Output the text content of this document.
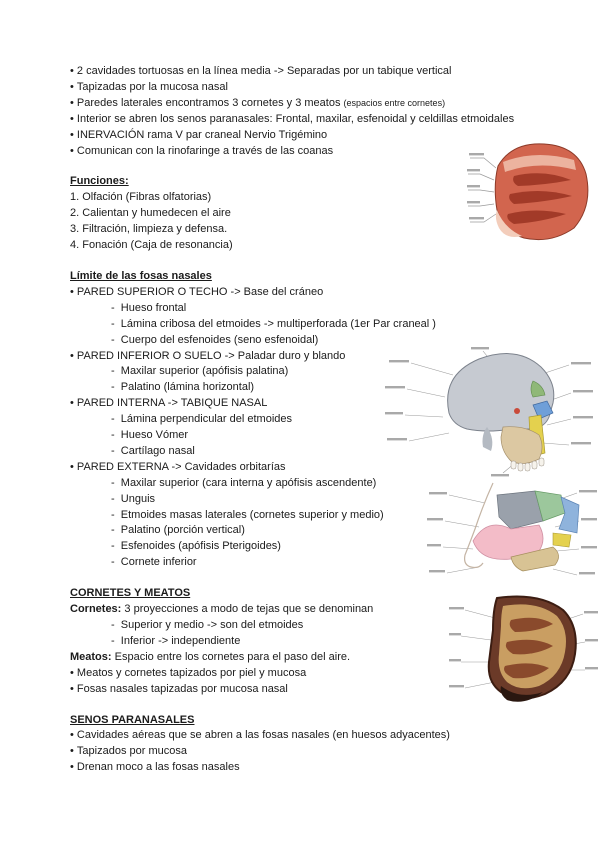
• 2 cavidades tortuosas en la línea media -> Separadas por un tabique vertical

• Tapizadas por la mucosa nasal

• Paredes laterales encontramos 3 cornetes y 3 meatos (espacios entre cornetes)

• Interior se abren los senos paranasales: Frontal, maxilar, esfenoidal y celdillas etmoidales

• INERVACIÓN rama V par craneal Nervio Trigémino

• Comunican con la rinofaringe a través de las coanas

Funciones:

1. Olfación (Fibras olfatorias)

2. Calientan y humedecen el aire

3. Filtración, limpieza y defensa.

4. Fonación (Caja de resonancia)

Límite de las fosas nasales

• PARED SUPERIOR O TECHO -> Base del cráneo

-  Hueso frontal

-  Lámina cribosa del etmoides -> multiperforada (1er Par craneal )

-  Cuerpo del esfenoides (seno esfenoidal)

• PARED INFERIOR O SUELO -> Paladar duro y blando

-  Maxilar superior (apófisis palatina)

-  Palatino (lámina horizontal)

• PARED INTERNA -> TABIQUE NASAL

-  Lámina perpendicular del etmoides

-  Hueso Vómer

-  Cartílago nasal

• PARED EXTERNA -> Cavidades orbitarías

-  Maxilar superior (cara interna y apófisis ascendente)

-  Unguis

-  Etmoides masas laterales (cornetes superior y medio)

-  Palatino (porción vertical)

-  Esfenoides (apófisis Pterigoides)

-  Cornete inferior

CORNETES Y MEATOS

Cornetes: 3 proyecciones a modo de tejas que se denominan

-  Superior y medio -> son del etmoides

-  Inferior -> independiente

Meatos: Espacio entre los cornetes para el paso del aire.

• Meatos y cornetes tapizados por piel y mucosa

• Fosas nasales tapizadas por mucosa nasal

SENOS PARANASALES

• Cavidades aéreas que se abren a las fosas nasales (en huesos adyacentes)

• Tapizados por mucosa

• Drenan moco a las fosas nasales
